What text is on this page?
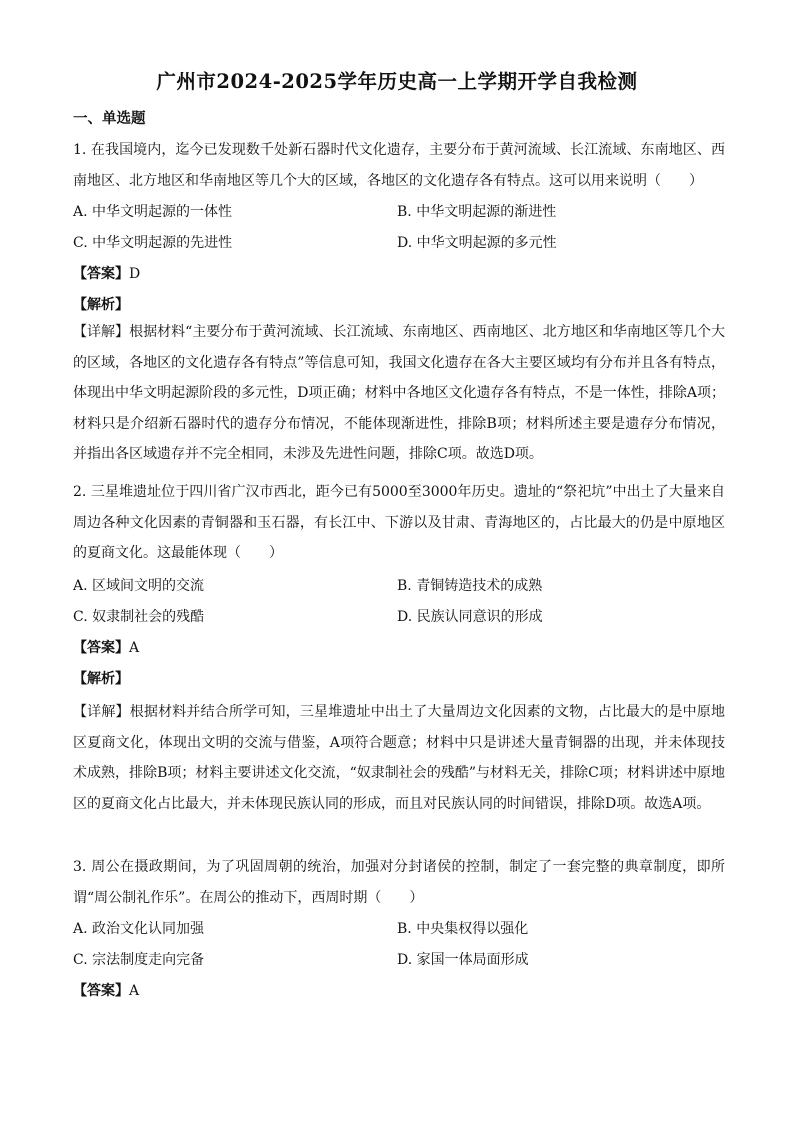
广州市2024-2025学年历史高一上学期开学自我检测
一、单选题
1. 在我国境内，迄今已发现数千处新石器时代文化遗存，主要分布于黄河流域、长江流域、东南地区、西南地区、北方地区和华南地区等几个大的区域，各地区的文化遗存各有特点。这可以用来说明（　　）
A. 中华文明起源的一体性	B. 中华文明起源的渐进性
C. 中华文明起源的先进性	D. 中华文明起源的多元性
【答案】D
【解析】
【详解】根据材料“主要分布于黄河流域、长江流域、东南地区、西南地区、北方地区和华南地区等几个大的区域，各地区的文化遗存各有特点”等信息可知，我国文化遗存在各大主要区域均有分布并且各有特点，体现出中华文明起源阶段的多元性，D项正确；材料中各地区文化遗存各有特点，不是一体性，排除A项；材料只是介绍新石器时代的遗存分布情况，不能体现渐进性，排除B项；材料所述主要是遗存分布情况，并指出各区域遗存并不完全相同，未涉及先进性问题，排除C项。故选D项。
2. 三星堆遗址位于四川省广汉市西北，距今已有5000至3000年历史。遗址的“祭祀坑”中出土了大量来自周边各种文化因素的青铜器和玉石器，有长江中、下游以及甘肃、青海地区的，占比最大的仍是中原地区的夏商文化。这最能体现（　　）
A. 区域间文明的交流	B. 青铜铸造技术的成熟
C. 奴隶制社会的残酷	D. 民族认同意识的形成
【答案】A
【解析】
【详解】根据材料并结合所学可知，三星堆遗址中出土了大量周边文化因素的文物，占比最大的是中原地区夏商文化，体现出文明的交流与借鉴，A项符合题意；材料中只是讲述大量青铜器的出现，并未体现技术成熟，排除B项；材料主要讲述文化交流，“奴隶制社会的残酷”与材料无关，排除C项；材料讲述中原地区的夏商文化占比最大，并未体现民族认同的形成，而且对民族认同的时间错误，排除D项。故选A项。
3. 周公在摄政期间，为了巩固周朝的统治，加强对分封诸侯的控制，制定了一套完整的典章制度，即所谓“周公制礼作乐”。在周公的推动下，西周时期（　　）
A. 政治文化认同加强	B. 中央集权得以强化
C. 宗法制度走向完备	D. 家国一体局面形成
【答案】A
